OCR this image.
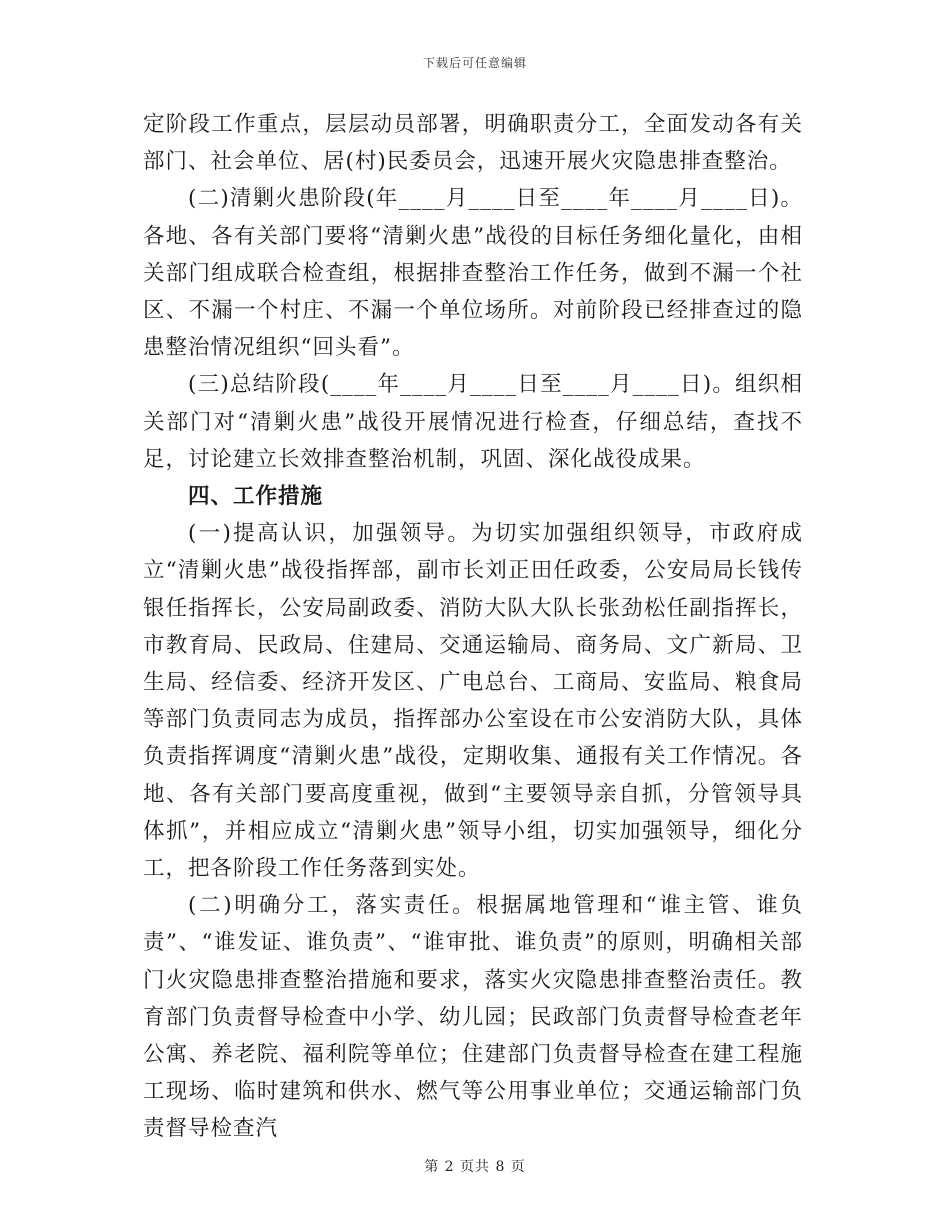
下载后可任意编辑

定阶段工作重点，层层动员部署，明确职责分工，全面发动各有关部门、社会单位、居(村)民委员会，迅速开展火灾隐患排查整治。

(二)清剿火患阶段(年____月____日至____年____月____日)。各地、各有关部门要将“清剿火患”战役的目标任务细化量化，由相关部门组成联合检查组，根据排查整治工作任务，做到不漏一个社区、不漏一个村庄、不漏一个单位场所。对前阶段已经排查过的隐患整治情况组织“回头看”。

(三)总结阶段(____年____月____日至____月____日)。组织相关部门对“清剿火患”战役开展情况进行检查，仔细总结，查找不足，讨论建立长效排查整治机制，巩固、深化战役成果。

四、工作措施

(一)提高认识，加强领导。为切实加强组织领导，市政府成立“清剿火患”战役指挥部，副市长刘正田任政委，公安局局长钱传银任指挥长，公安局副政委、消防大队大队长张劲松任副指挥长，市教育局、民政局、住建局、交通运输局、商务局、文广新局、卫生局、经信委、经济开发区、广电总台、工商局、安监局、粮食局等部门负责同志为成员，指挥部办公室设在市公安消防大队，具体负责指挥调度“清剿火患”战役，定期收集、通报有关工作情况。各地、各有关部门要高度重视，做到“主要领导亲自抓，分管领导具体抓”，并相应成立“清剿火患”领导小组，切实加强领导，细化分工，把各阶段工作任务落到实处。

(二)明确分工，落实责任。根据属地管理和“谁主管、谁负责”、“谁发证、谁负责”、“谁审批、谁负责”的原则，明确相关部门火灾隐患排查整治措施和要求，落实火灾隐患排查整治责任。教育部门负责督导检查中小学、幼儿园；民政部门负责督导检查老年公寓、养老院、福利院等单位；住建部门负责督导检查在建工程施工现场、临时建筑和供水、燃气等公用事业单位；交通运输部门负责督导检查汽

第 2 页共 8 页
